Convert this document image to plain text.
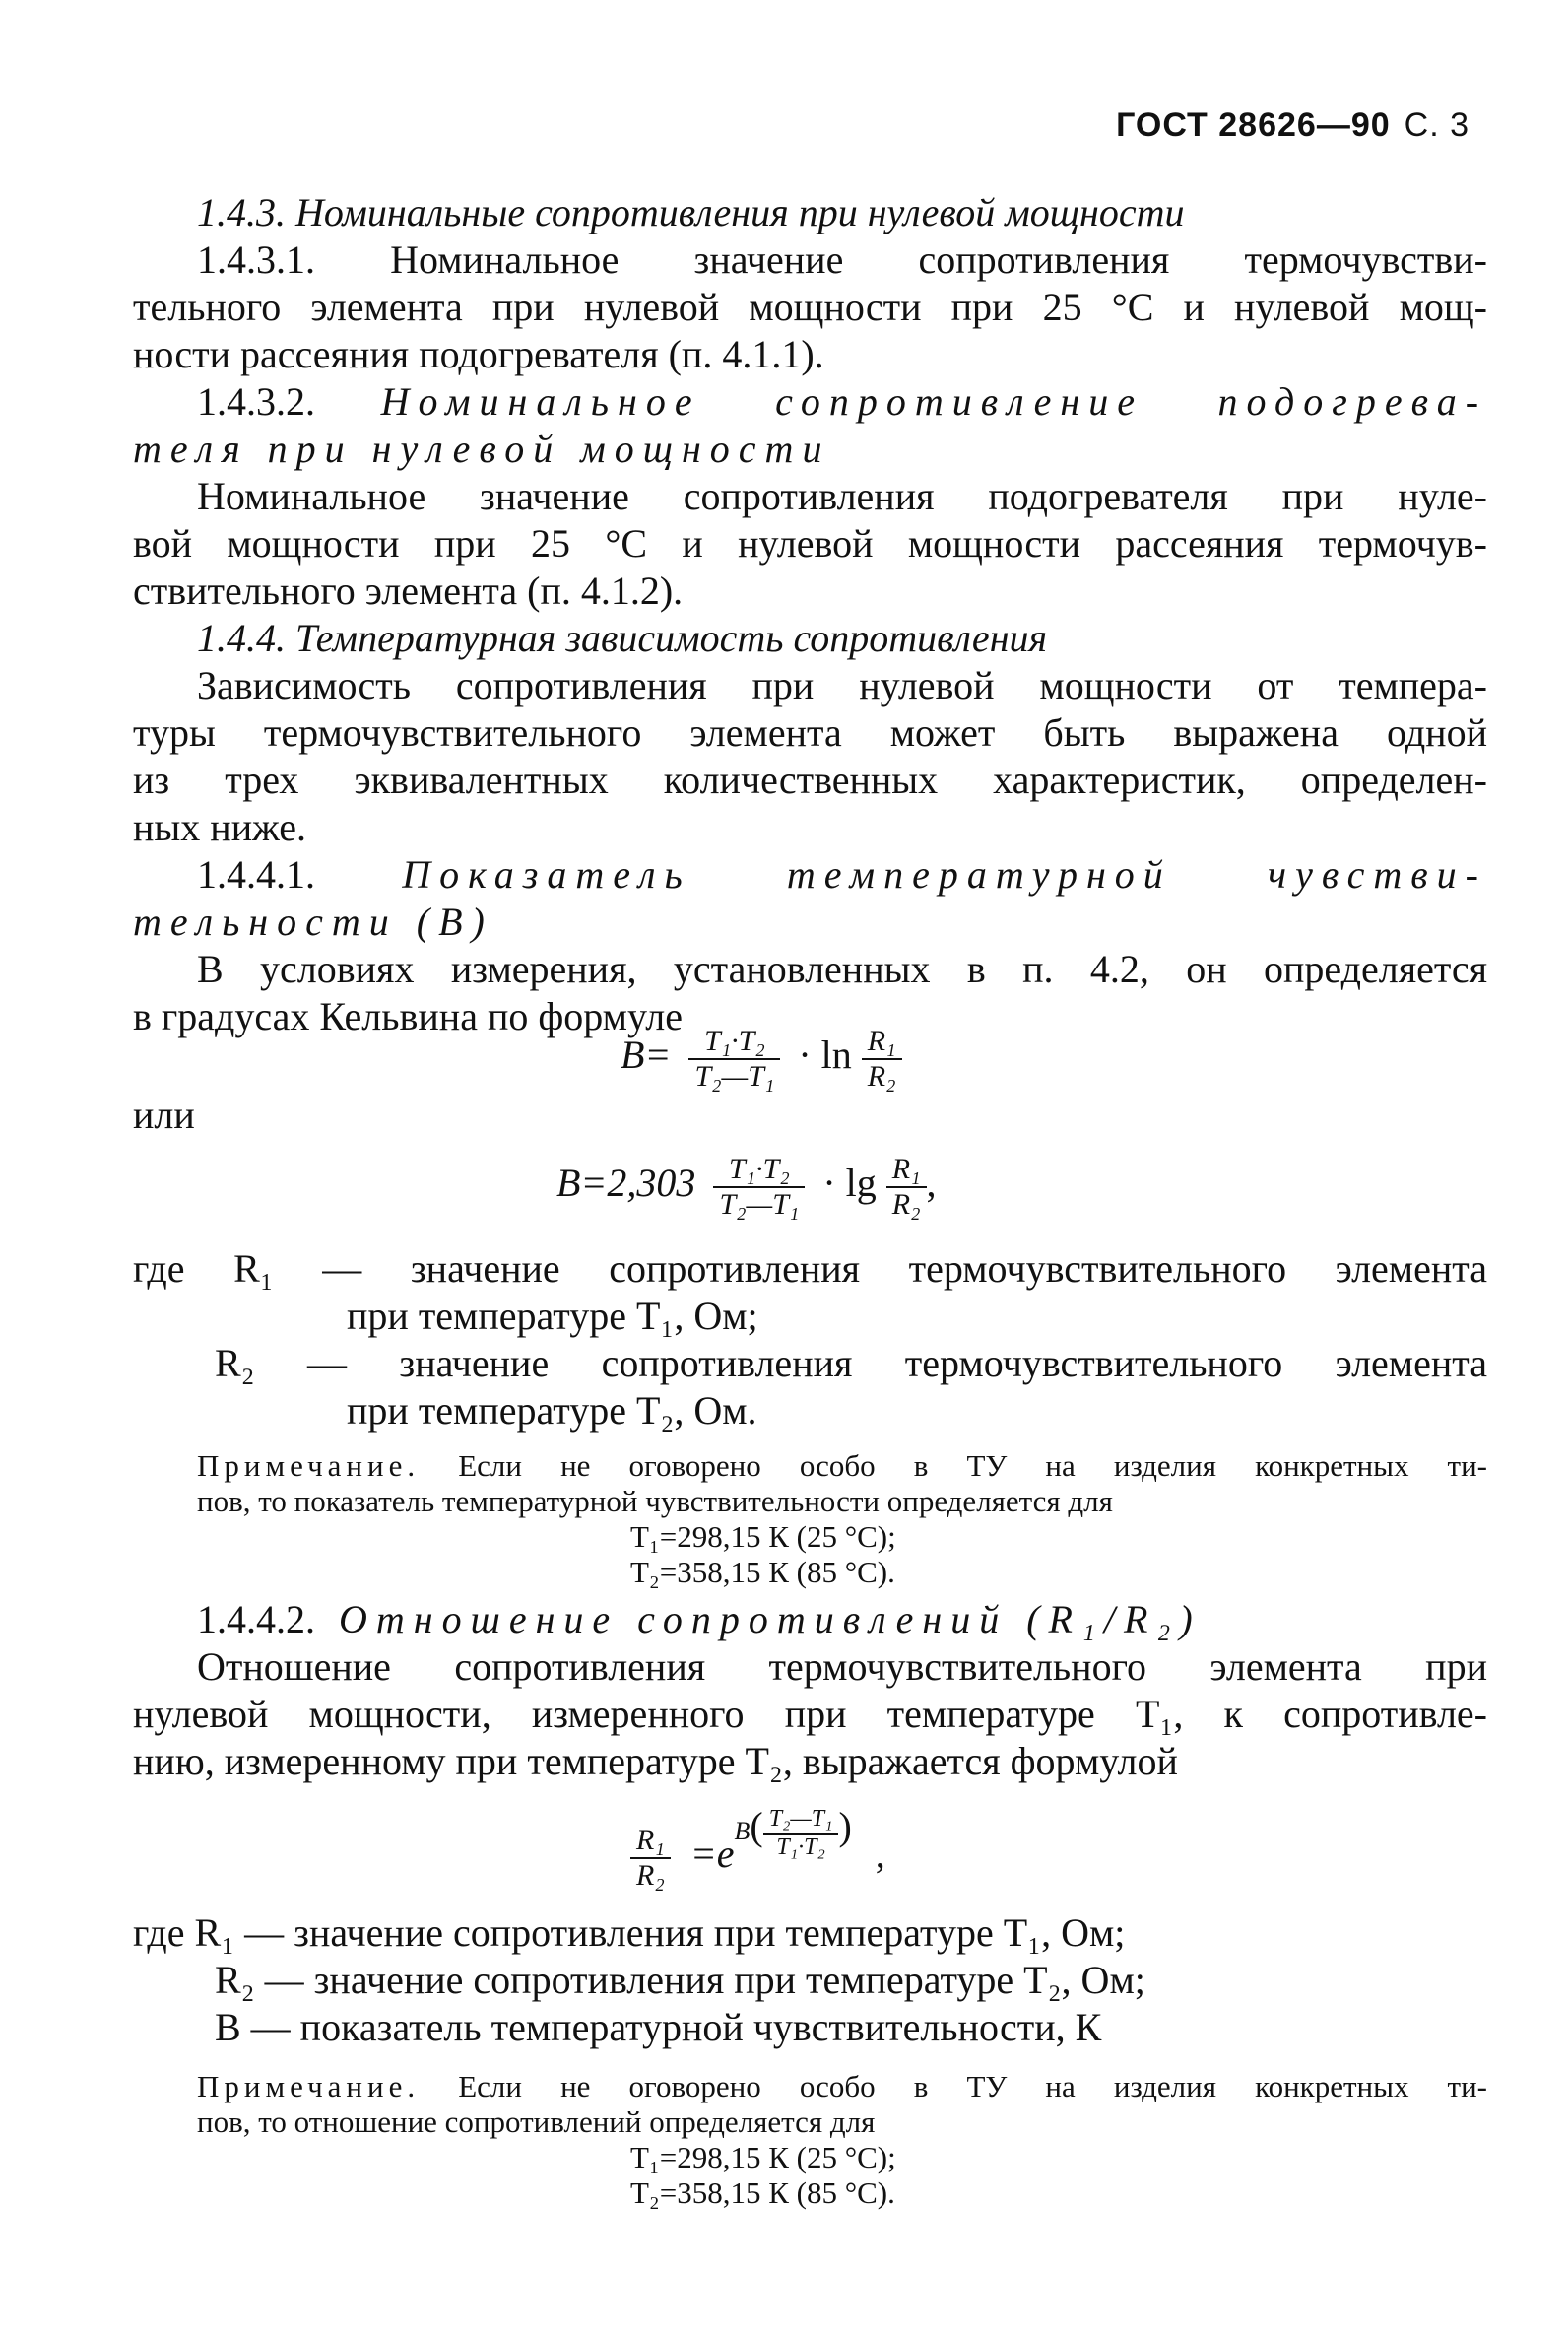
ГОСТ 28626—90 С. 3
1.4.3. Номинальные сопротивления при нулевой мощности
1.4.3.1. Номинальное значение сопротивления термочувстви-
тельного элемента при нулевой мощности при 25 °С и нулевой мощ-
ности рассеяния подогревателя (п. 4.1.1).
1.4.3.2. Номинальное сопротивление подогрева-
теля при нулевой мощности
Номинальное значение сопротивления подогревателя при нуле-
вой мощности при 25 °С и нулевой мощности рассеяния термочув-
ствительного элемента (п. 4.1.2).
1.4.4. Температурная зависимость сопротивления
Зависимость сопротивления при нулевой мощности от темпера-
туры термочувствительного элемента может быть выражена одной
из трех эквивалентных количественных характеристик, определен-
ных ниже.
1.4.4.1. Показатель температурной чувстви-
тельности (B)
В условиях измерения, установленных в п. 4.2, он определяется
в градусах Кельвина по формуле
$B= \frac{\text{T₁·T₂}}{\text{T₂—T₁}} \cdot \ln \frac{\text{R₁}}{\text{R₂}}$
или
$B=2,303 \frac{\text{T₁·T₂}}{\text{T₂—T₁}} \cdot \lg \frac{\text{R₁}}{\text{R₂}}$ ,
где R₁ — значение сопротивления термочувствительного элемента
при температуре T₁, Ом;
R₂ — значение сопротивления термочувствительного элемента
при температуре T₂, Ом.
Примечание. Если не оговорено особо в ТУ на изделия конкретных ти-
пов, то показатель температурной чувствительности определяется для
T₁=298,15 К (25 °С);
T₂=358,15 К (85 °С).
1.4.4.2. Отношение сопротивлений (R₁/R₂)
Отношение сопротивления термочувствительного элемента при
нулевой мощности, измеренного при температуре T₁, к сопротивле-
нию, измеренному при температуре T₂, выражается формулой
$\frac{\text{R₁}}{\text{R₂}} =eB( \frac{\text{T₂—T₁}}{\text{T₁·T₂}}$ ) ,
где R₁ — значение сопротивления при температуре T₁, Ом;
R₂ — значение сопротивления при температуре T₂, Ом;
B — показатель температурной чувствительности, К
Примечание. Если не оговорено особо в ТУ на изделия конкретных ти-
пов, то отношение сопротивлений определяется для
T₁=298,15 К (25 °С);
T₂=358,15 К (85 °С).
